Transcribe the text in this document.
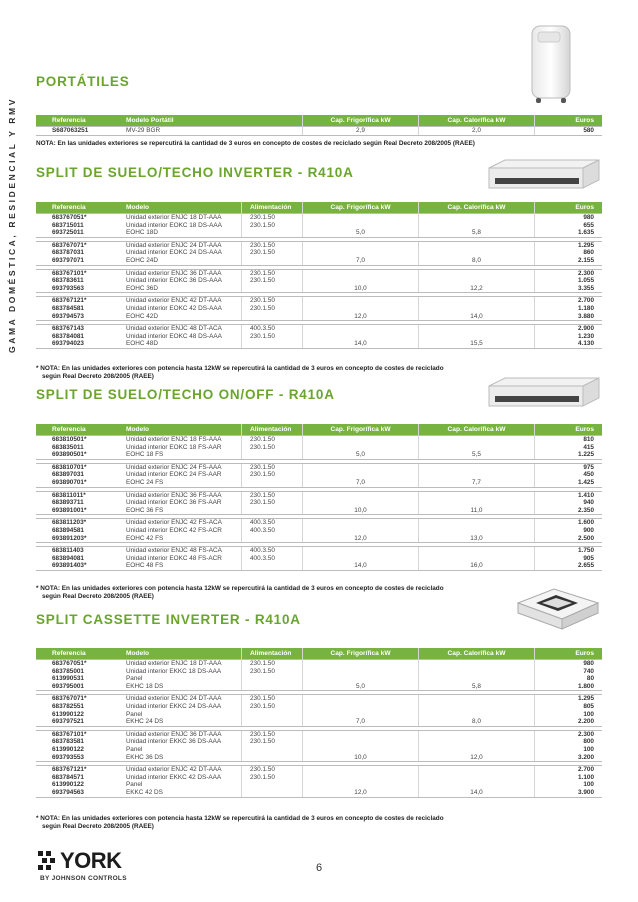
GAMA DOMÉSTICA, RESIDENCIAL Y RMV
PORTÁTILES
Referencia	Modelo Portátil	Cap. Frigorífica kW	Cap. Calorífica kW	Euros
S687063251	MV-29 BGR	2,9	2,0	580
NOTA: En las unidades exteriores se repercutirá la cantidad de 3 euros en concepto de costes de reciclado según Real Decreto 208/2005 (RAEE)
SPLIT DE SUELO/TECHO INVERTER - R410A
Referencia	Modelo	Alimentación	Cap. Frigorífica kW	Cap. Calorífica kW	Euros
683767051*	Unidad exterior ENJC 18 DT-AAA	230.1.50			980
683715011	Unidad interior EOKC 18 DS-AAA	230.1.50			655
693725011	EOHC 18D		5,0	5,8	1.635

683767071*	Unidad exterior ENJC 24 DT-AAA	230.1.50			1.295
683787031	Unidad interior EOKC 24 DS-AAA	230.1.50			860
693797071	EOHC 24D		7,0	8,0	2.155

683767101*	Unidad exterior ENJC 36 DT-AAA	230.1.50			2.300
683783611	Unidad interior EOKC 36 DS-AAA	230.1.50			1.055
693793563	EOHC 36D		10,0	12,2	3.355

683767121*	Unidad exterior ENJC 42 DT-AAA	230.1.50			2.700
683784581	Unidad interior EOKC 42 DS-AAA	230.1.50			1.180
693794573	EOHC 42D		12,0	14,0	3.880

683767143	Unidad exterior ENJC 48 DT-ACA	400.3.50			2.900
683784081	Unidad interior EOKC 48 DS-AAA	230.1.50			1.230
693794023	EOHC 48D		14,0	15,5	4.130
* NOTA: En las unidades exteriores con potencia hasta 12kW se repercutirá la cantidad de 3 euros en concepto de costes de reciclado
según Real Decreto 208/2005 (RAEE)
SPLIT DE SUELO/TECHO ON/OFF - R410A
Referencia	Modelo	Alimentación	Cap. Frigorífica kW	Cap. Calorífica kW	Euros
683810501*	Unidad exterior ENJC 18 FS-AAA	230.1.50			810
683835011	Unidad interior EOKC 18 FS-AAR	230.1.50			415
693890501*	EOHC 18 FS		5,0	5,5	1.225

683810701*	Unidad exterior ENJC 24 FS-AAA	230.1.50			975
683897031	Unidad interior EOKC 24 FS-AAR	230.1.50			450
693890701*	EOHC 24 FS		7,0	7,7	1.425

683811011*	Unidad exterior ENJC 36 FS-AAA	230.1.50			1.410
683893711	Unidad interior EOKC 36 FS-AAR	230.1.50			940
693891001*	EOHC 36 FS		10,0	11,0	2.350

683811203*	Unidad exterior ENJC 42 FS-ACA	400.3.50			1.600
683894581	Unidad interior EOKC 42 FS-ACR	400.3.50			900
693891203*	EOHC 42 FS		12,0	13,0	2.500

683811403	Unidad exterior ENJC 48 FS-ACA	400.3.50			1.750
683894081	Unidad interior EOKC 48 FS-ACR	400.3.50			905
693891403*	EOHC 48 FS		14,0	16,0	2.655
* NOTA: En las unidades exteriores con potencia hasta 12kW se repercutirá la cantidad de 3 euros en concepto de costes de reciclado
según Real Decreto 208/2005 (RAEE)
SPLIT CASSETTE INVERTER - R410A
Referencia	Modelo	Alimentación	Cap. Frigorífica kW	Cap. Calorífica kW	Euros
683767051*	Unidad exterior ENJC 18 DT-AAA	230.1.50			980
683785001	Unidad interior EKKC 18 DS-AAA	230.1.50			740
613990531	Panel				80
693795001	EKHC 18 DS		5,0	5,8	1.800

683767071*	Unidad exterior ENJC 24 DT-AAA	230.1.50			1.295
683782551	Unidad interior EKKC 24 DS-AAA	230.1.50			805
613990122	Panel				100
693797521	EKHC 24 DS		7,0	8,0	2.200

683767101*	Unidad exterior ENJC 36 DT-AAA	230.1.50			2.300
683783581	Unidad interior EKKC 36 DS-AAA	230.1.50			800
613990122	Panel				100
693793553	EKHC 36 DS		10,0	12,0	3.200

683767121*	Unidad exterior ENJC 42 DT-AAA	230.1.50			2.700
683784571	Unidad interior EKKC 42 DS-AAA	230.1.50			1.100
613990122	Panel				100
693794563	EKKC 42 DS		12,0	14,0	3.900
* NOTA: En las unidades exteriores con potencia hasta 12kW se repercutirá la cantidad de 3 euros en concepto de costes de reciclado
según Real Decreto 208/2005 (RAEE)
YORK
BY JOHNSON CONTROLS
6
